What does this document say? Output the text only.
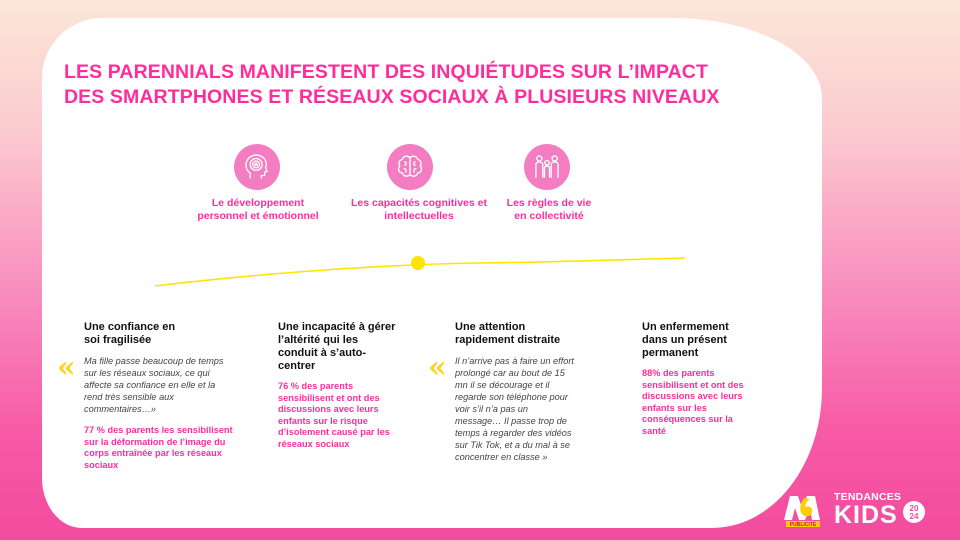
LES PARENNIALS MANIFESTENT DES INQUIÉTUDES SUR L’IMPACT
DES SMARTPHONES ET RÉSEAUX SOCIAUX À PLUSIEURS NIVEAUX
Le développement personnel et émotionnel
Les capacités cognitives et intellectuelles
Les règles de vie en collectivité

Une confiance en soi fragilisée

Ma fille passe beaucoup de temps sur les réseaux sociaux, ce qui affecte sa confiance en elle et la rend très sensible aux commentaires…»

77 % des parents les sensibilisent sur la déformation de l’image du corps entraînée par les réseaux sociaux

«

Une incapacité à gérer l’altérité qui les conduit à s’auto-centrer

76 % des parents sensibilisent et ont des discussions avec leurs enfants sur le risque d’isolement causé par les réseaux sociaux

Une attention rapidement distraite

Il n’arrive pas à faire un effort prolongé car au bout de 15 mn il se décourage et il regarde son téléphone pour voir s’il n’a pas un message… Il passe trop de temps à regarder des vidéos sur Tik Tok, et a du mal à se concentrer en classe »

«

Un enfermement dans un présent permanent

88% des parents sensibilisent et ont des discussions avec leurs enfants sur les conséquences sur la santé

PUBLICITÉ
TENDANCES
KIDS	20
24
